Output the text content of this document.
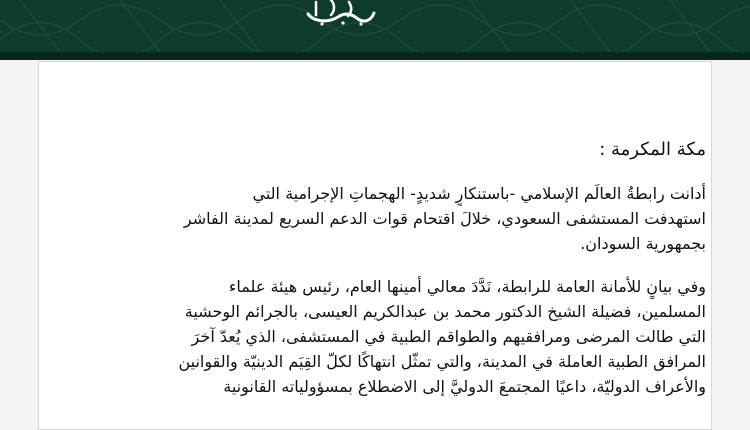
مكة المكرمة :
أدانت رابطةُ العالَم الإسلامي -باستنكارٍ شديدٍ- الهجماتِ الإجرامية التي
استهدفت المستشفى السعودي، خلالَ اقتحام قوات الدعم السريع لمدينة الفاشر
بجمهورية السودان.
وفي بيانٍ للأمانة العامة للرابطة، نَدَّدَ معالي أمينها العام، رئيس هيئة علماء
المسلمين، فضيلة الشيخ الدكتور محمد بن عبدالكريم العيسى، بالجرائم الوحشية
التي طالت المرضى ومرافقيهم والطواقم الطبية في المستشفى، الذي يُعدّ آخرَ
المرافق الطبية العاملة في المدينة، والتي تمثّل انتهاكًا لكلّ القِيَم الدينيّة والقوانين
والأعراف الدوليّة، داعيًا المجتمعَ الدوليَّ إلى الاضطلاع بمسؤولياته القانونية
